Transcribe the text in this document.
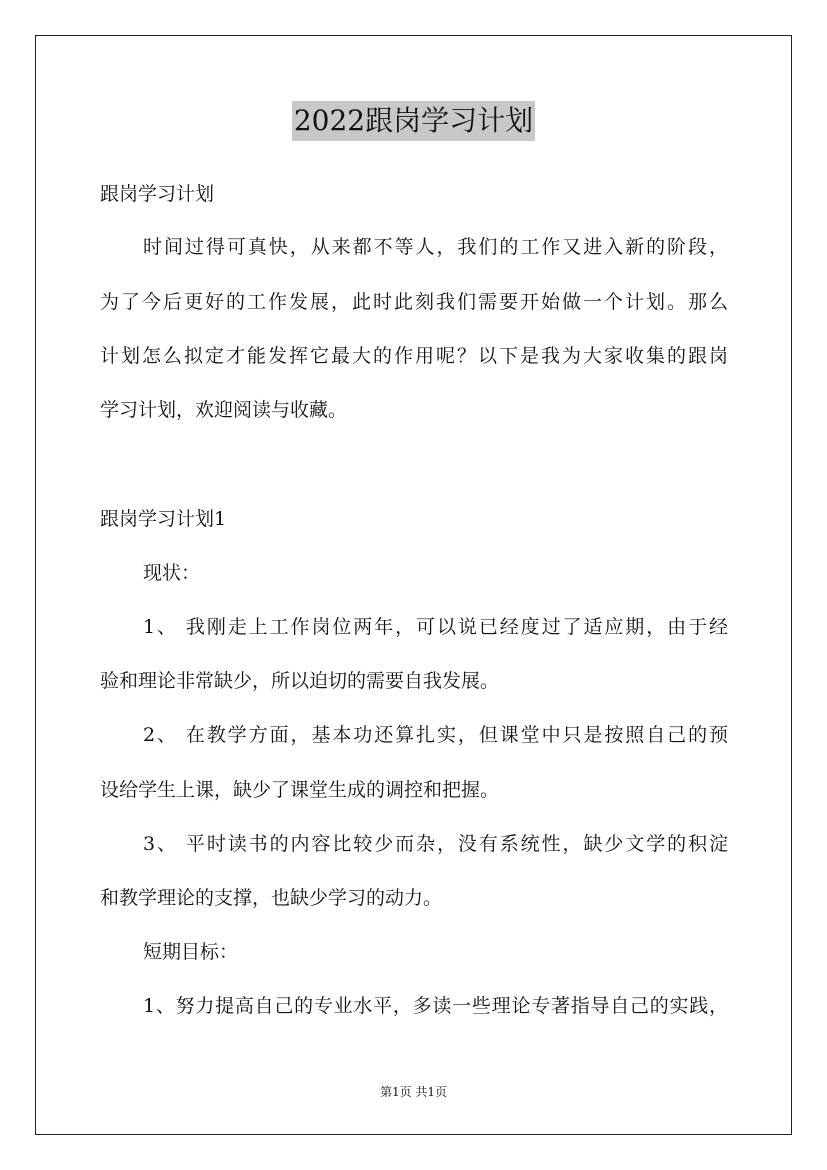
2022跟岗学习计划
跟岗学习计划
时间过得可真快，从来都不等人，我们的工作又进入新的阶段，
为了今后更好的工作发展，此时此刻我们需要开始做一个计划。那么
计划怎么拟定才能发挥它最大的作用呢？以下是我为大家收集的跟岗
学习计划，欢迎阅读与收藏。
跟岗学习计划1
现状：
1、 我刚走上工作岗位两年，可以说已经度过了适应期，由于经
验和理论非常缺少，所以迫切的需要自我发展。
2、 在教学方面，基本功还算扎实，但课堂中只是按照自己的预
设给学生上课，缺少了课堂生成的调控和把握。
3、 平时读书的内容比较少而杂，没有系统性，缺少文学的积淀
和教学理论的支撑，也缺少学习的动力。
短期目标：
1、努力提高自己的专业水平，多读一些理论专著指导自己的实践，
第1页 共1页
